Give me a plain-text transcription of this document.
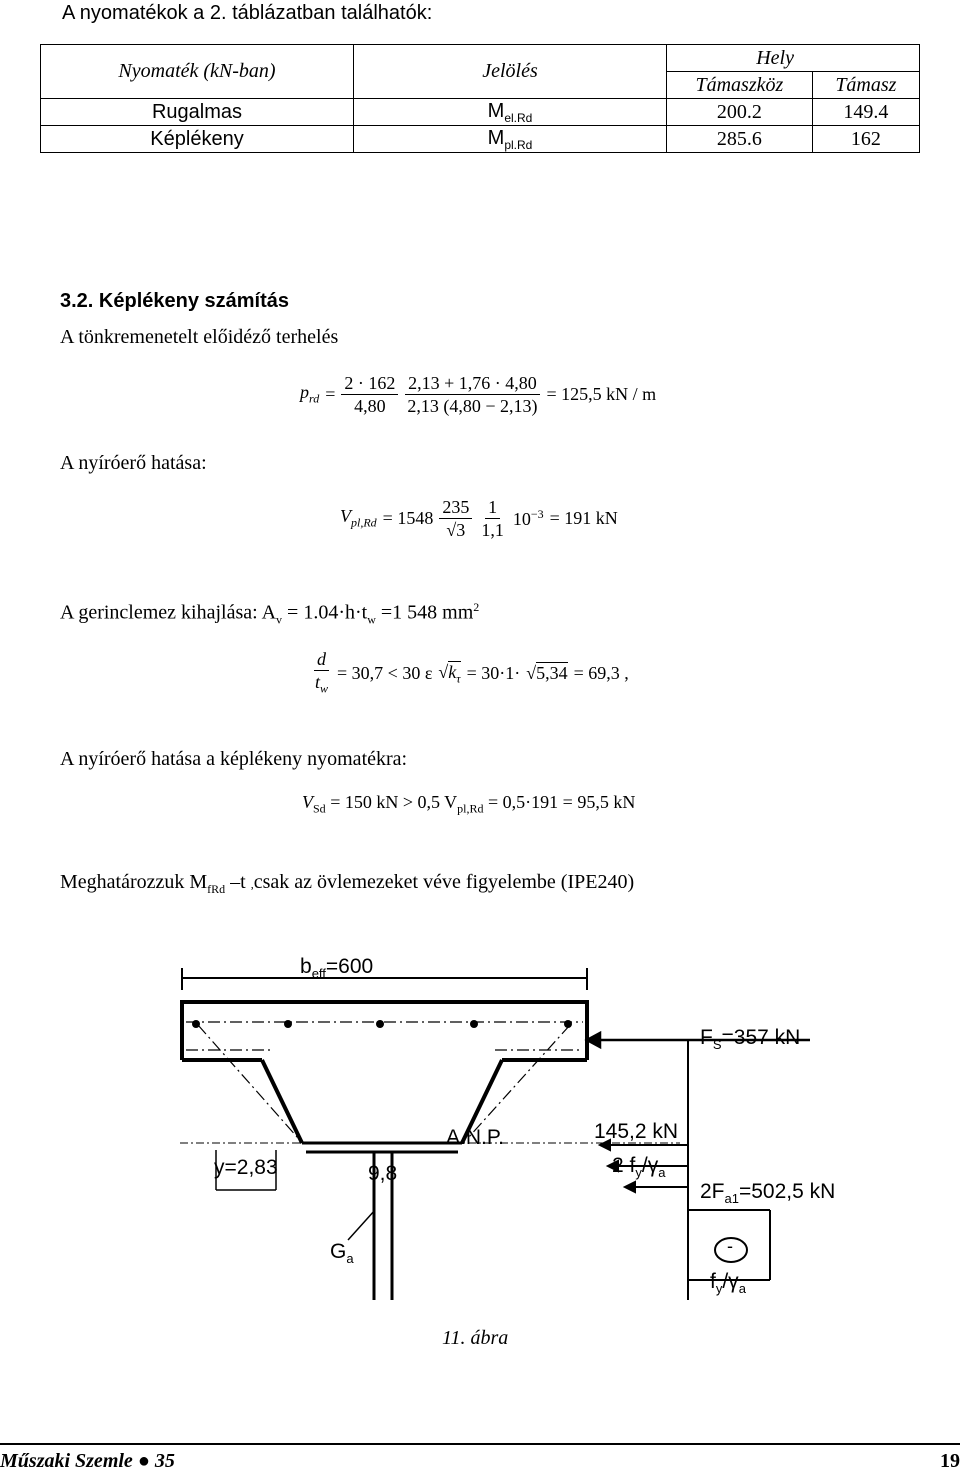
A nyomatékok a 2. táblázatban találhatók:
Nyomaték (kN-ban)	Jelölés	Hely	
		Támaszköz	Támasz
Rugalmas	$M_{el.Rd}$	200.2	149.4
Képlékeny	$M_{pl.Rd}$	285.6	162
3.2. Képlékeny számítás
A tönkremenetelt előidéző terhelés
$p_{rd} = \frac{2 \cdot 162}{4,80} \frac{2,13 + 1,76 \cdot 4,80}{2,13 (4,80 - 2,13)} = 125,5$ kN / m
A nyíróerő hatása:
$V_{pl,Rd} = 1548 \frac{235}{√3} \frac{1}{1,1} 10^{-3} = 191$ kN
A gerinclemez kihajlása: $A_v = 1.04\cdot h\cdot t_w =1$ 548 $mm^2$
$\frac{d}{t_w} = 30,7 < 30$ ε $√k_\tau = 30\cdot 1\cdot √5,34 = 69,3$ ,
A nyíróerő hatása a képlékeny nyomatékra:
$V_{Sd} = 150$ kN > 0,5 $V_{pl,Rd} = 0,5\cdot 191 = 95,5$ kN
Meghatározzuk $M_{fRd}$ –t ,csak az övlemezeket véve figyelembe (IPE240)
$b_{eff}=600$
$F_S=357$ kN
A.N.P.	145,2 kN
2 $f_y/\gamma_a$
$2F_{a1}=502,5$ kN
y=2,83	9,8
$G_a$
-
$f_y/\gamma_a$
11. ábra
Műszaki Szemle ● 35	19
